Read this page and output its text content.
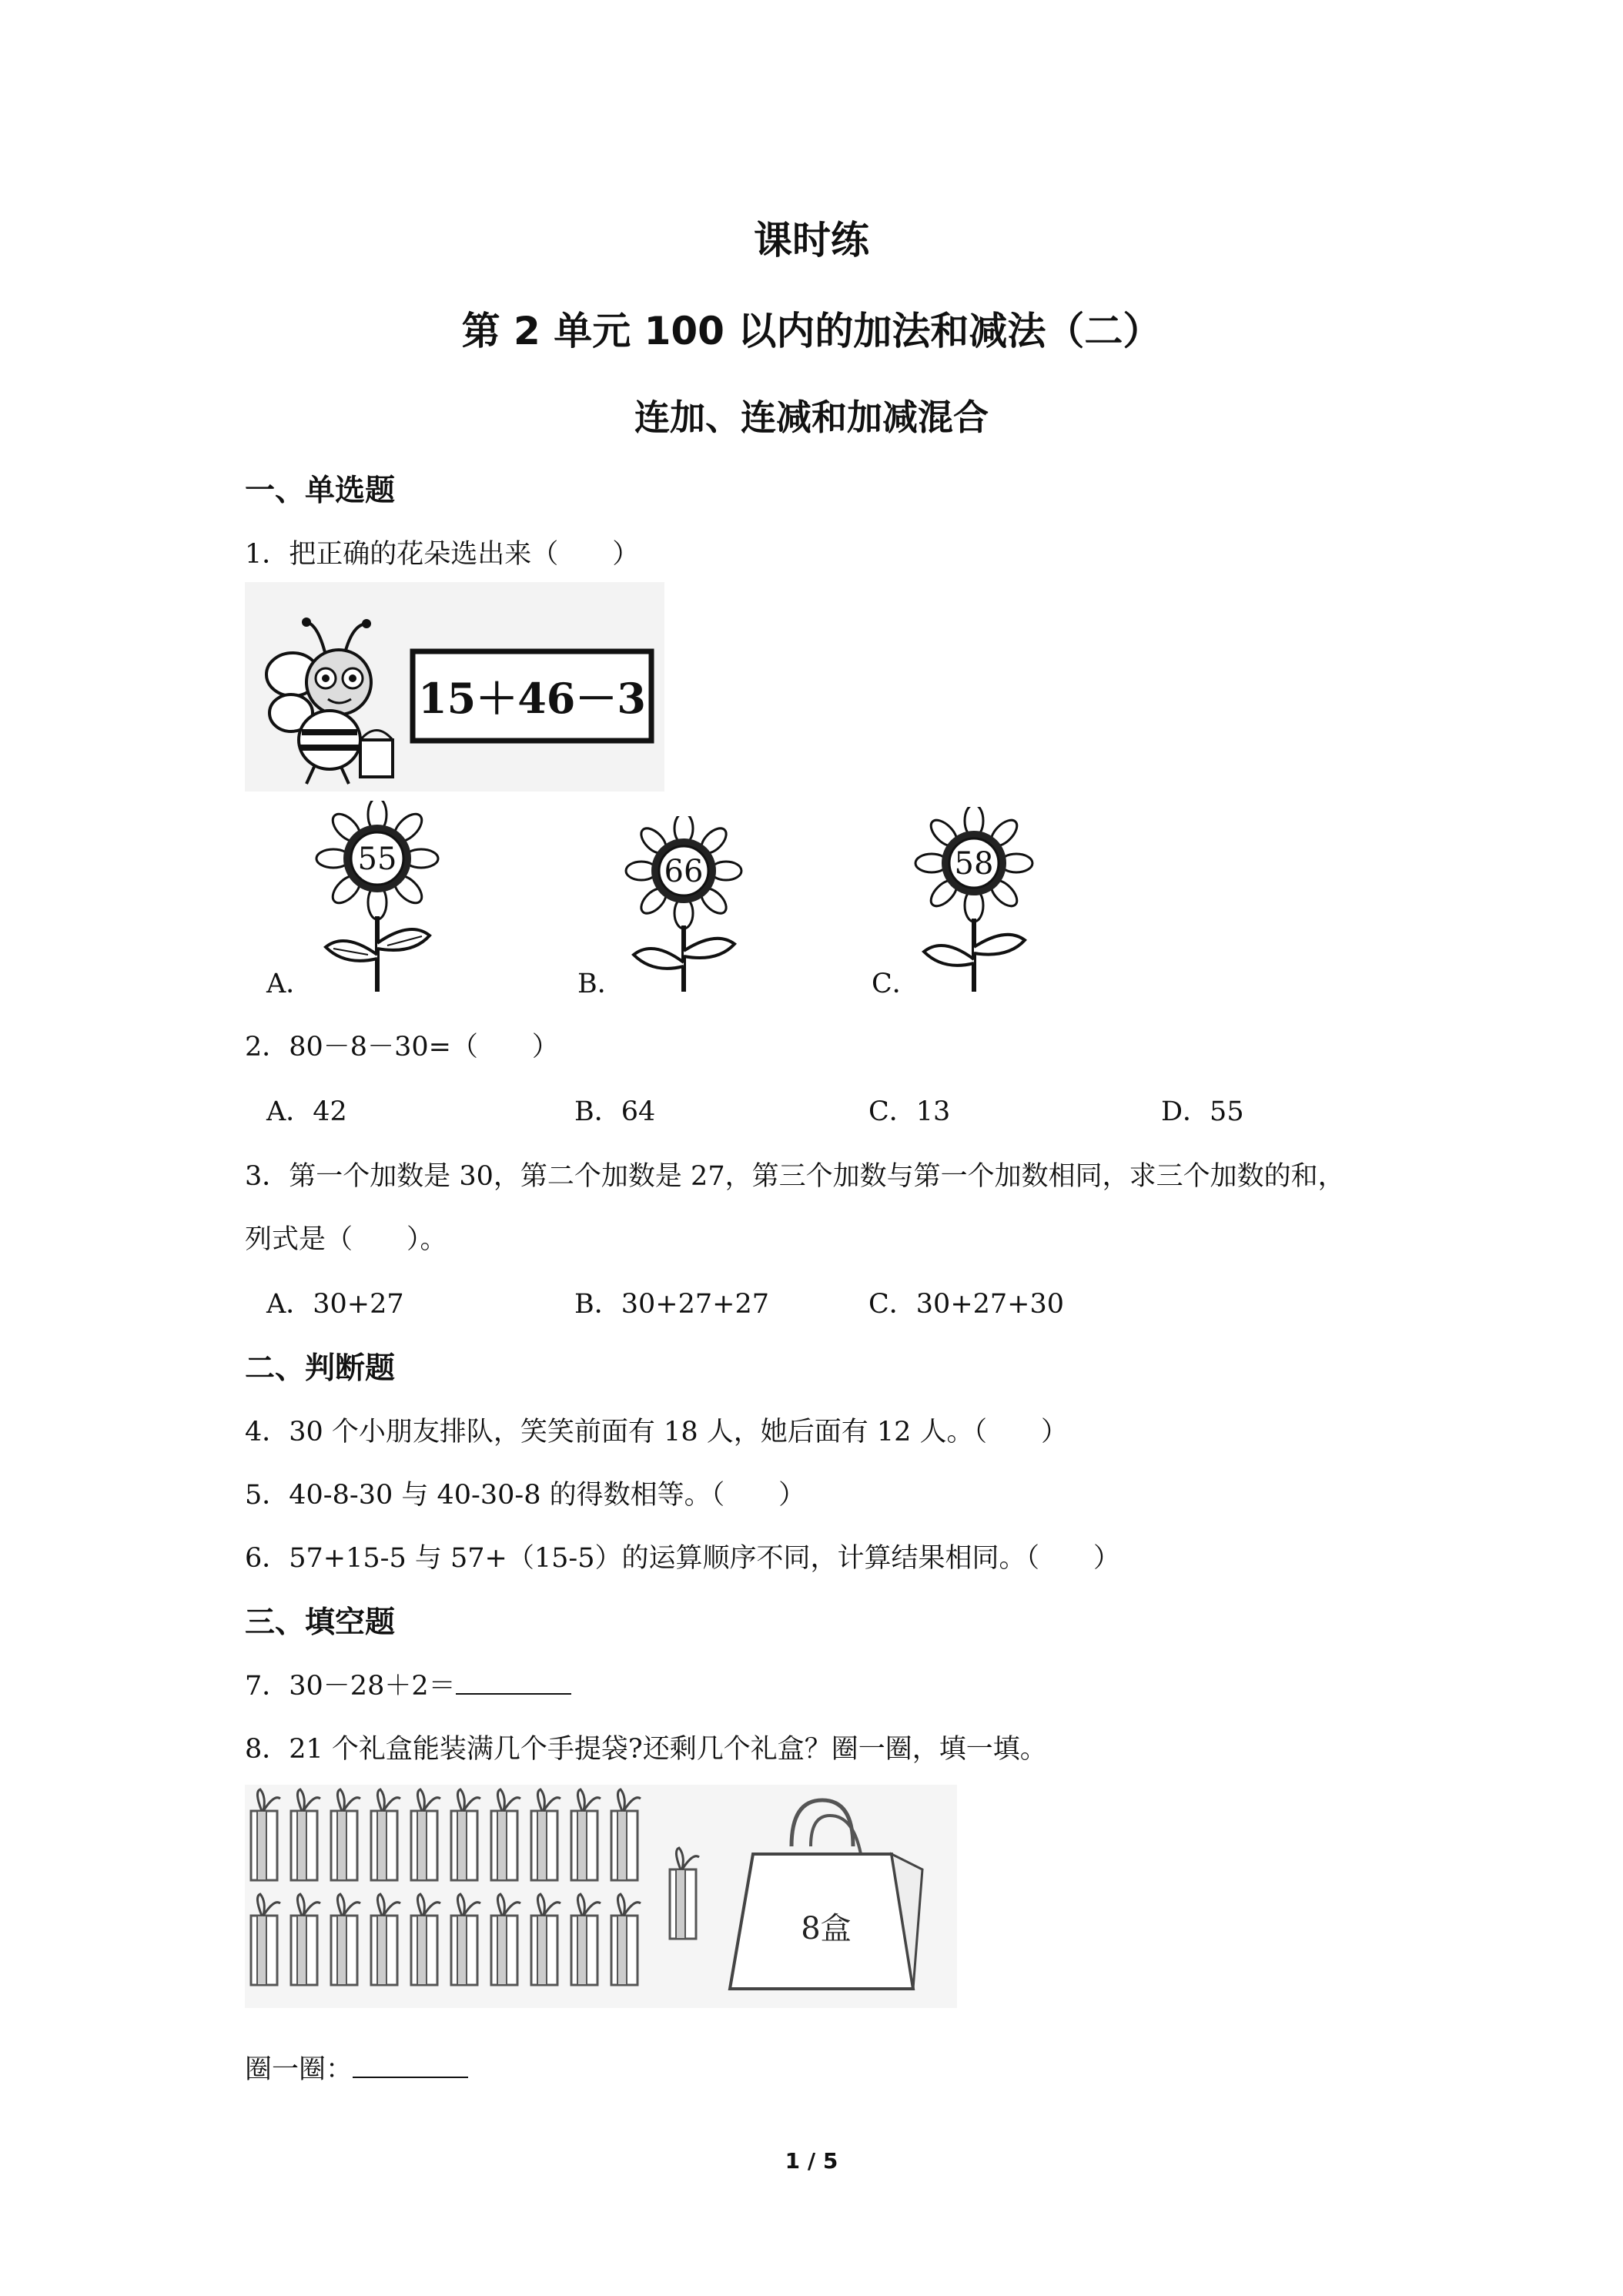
课时练
第 2 单元 100 以内的加法和减法（二）
连加、连减和加减混合
一、单选题
1．把正确的花朵选出来（　　）
15＋46－3
A．
55
B．
66
C．
58
2．80－8－30=（　　）
A．42	B．64	C．13	D．55
3．第一个加数是 30，第二个加数是 27，第三个加数与第一个加数相同，求三个加数的和，
列式是（　　）。
A．30+27	B．30+27+27	C．30+27+30
二、判断题
4．30 个小朋友排队，笑笑前面有 18 人，她后面有 12 人。（　　）
5．40-8-30 与 40-30-8 的得数相等。（　　）
6．57+15-5 与 57+（15-5）的运算顺序不同，计算结果相同。（　　）
三、填空题
7．30－28＋2＝
8．21 个礼盒能装满几个手提袋?还剩几个礼盒？圈一圈，填一填。
8盒
圈一圈：
1 / 5
